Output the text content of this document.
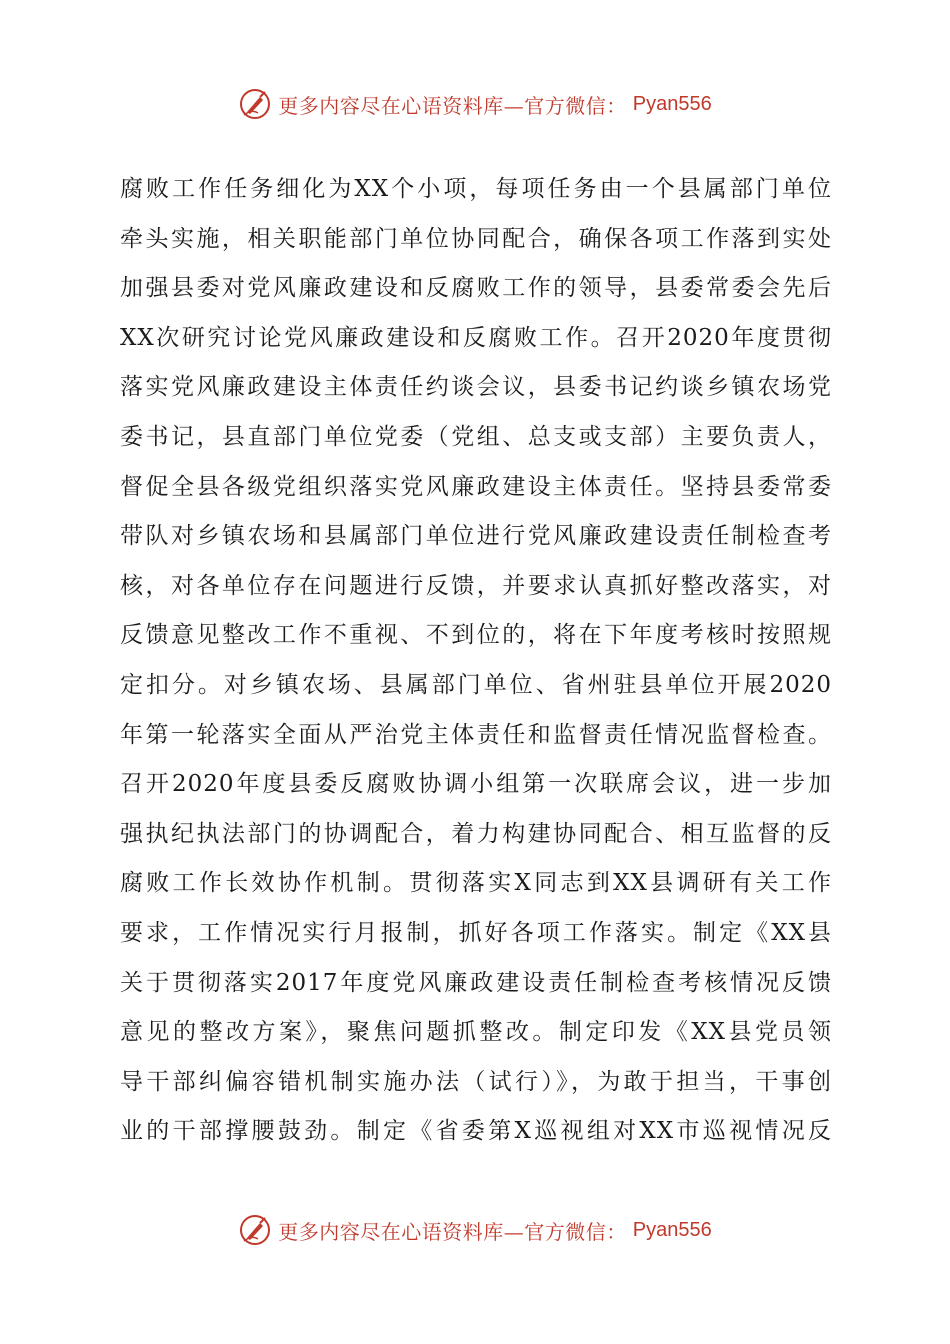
更多内容尽在心语资料库—官方微信： Pyan556
腐败工作任务细化为XX个小项，每项任务由一个县属部门单位
牵头实施，相关职能部门单位协同配合，确保各项工作落到实处
加强县委对党风廉政建设和反腐败工作的领导，县委常委会先后
XX次研究讨论党风廉政建设和反腐败工作。召开2020年度贯彻
落实党风廉政建设主体责任约谈会议，县委书记约谈乡镇农场党
委书记，县直部门单位党委（党组、总支或支部）主要负责人，
督促全县各级党组织落实党风廉政建设主体责任。坚持县委常委
带队对乡镇农场和县属部门单位进行党风廉政建设责任制检查考
核，对各单位存在问题进行反馈，并要求认真抓好整改落实，对
反馈意见整改工作不重视、不到位的，将在下年度考核时按照规
定扣分。对乡镇农场、县属部门单位、省州驻县单位开展2020
年第一轮落实全面从严治党主体责任和监督责任情况监督检查。
召开2020年度县委反腐败协调小组第一次联席会议，进一步加
强执纪执法部门的协调配合，着力构建协同配合、相互监督的反
腐败工作长效协作机制。贯彻落实X同志到XX县调研有关工作
要求，工作情况实行月报制，抓好各项工作落实。制定《XX县
关于贯彻落实2017年度党风廉政建设责任制检查考核情况反馈
意见的整改方案》，聚焦问题抓整改。制定印发《XX县党员领
导干部纠偏容错机制实施办法（试行）》，为敢于担当，干事创
业的干部撑腰鼓劲。制定《省委第X巡视组对XX市巡视情况反
更多内容尽在心语资料库—官方微信： Pyan556
